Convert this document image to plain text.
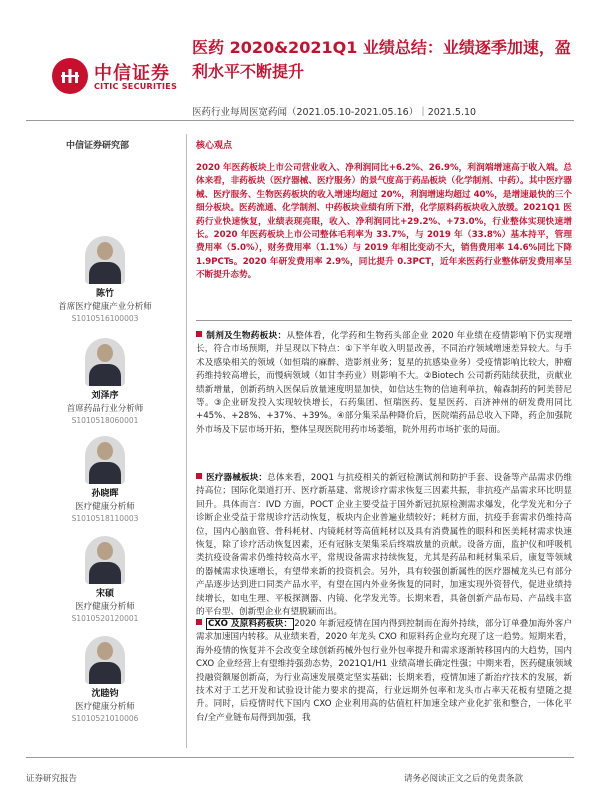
中信证券
CITIC SECURITIES
医药 2020&2021Q1 业绩总结：业绩逐季加速，盈利水平不断提升
医药行业每周医宽药闻（2021.05.10-2021.05.16）｜2021.5.10
中信证券研究部
陈竹
首席医疗健康产业分析师
S1010516100003
刘泽序
首席药品行业分析师
S1010518060001
孙晓晖
医疗健康分析师
S1010518110003
宋硕
医疗健康分析师
S1010520120001
沈睦钧
医疗健康分析师
S1010521010006
核心观点
2020 年医药板块上市公司营业收入、净利润同比+6.2%、26.9%，利润端增速高于收入端。总体来看，非药板块（医疗器械、医疗服务）的景气度高于药品板块（化学制剂、中药）。其中医疗器械、医疗服务、生物医药板块的收入增速均超过 20%，利润增速均超过 40%，是增速最快的三个细分板块。医药流通、化学制剂、中药板块业绩有所下滑，化学原料药板块收入放缓。2021Q1 医药行业快速恢复，业绩表现亮眼，收入、净利润同比+29.2%、+73.0%，行业整体实现快速增长。2020 年医药板块上市公司整体毛利率为 33.7%，与 2019 年（33.8%）基本持平，管理费用率（5.0%），财务费用率（1.1%）与 2019 年相比变动不大，销售费用率 14.6%同比下降 1.9PCTs。2020 年研发费用率 2.9%，同比提升 0.3PCT，近年来医药行业整体研发费用率呈不断提升态势。
制剂及生物药板块：从整体看，化学药和生物药头部企业 2020 年业绩在疫情影响下仍实现增长，符合市场预期，并呈现以下特点：①下半年收入明显改善，不同治疗领域增速差异较大。与手术及感染相关的领域（如恒瑞的麻醉、造影剂业务；复星的抗感染业务）受疫情影响比较大，肿瘤药维持较高增长，而慢病领域（如甘李药业）则影响不大。②Biotech 公司新药陆续获批，贡献业绩新增量，创新药纳入医保后放量速度明显加快，如信达生物的信迪利单抗，翰森制药的阿美替尼等。③企业研发投入实现较快增长，石药集团、恒瑞医药、复星医药、百济神州的研发费用同比+45%、+28%、+37%、+39%。④部分集采品种降价后，医院端药品总收入下降，药企加强院外市场及下层市场开拓，整体呈现医院用药市场萎缩，院外用药市场扩张的局面。
医疗器械板块：总体来看，20Q1 与抗疫相关的新冠检测试剂和防护手套、设备等产品需求仍维持高位；国际化渠道打开、医疗新基建、常规诊疗需求恢复三因素共振，非抗疫产品需求环比明显回升。具体而言：IVD 方面，POCT 企业主要受益于国外新冠抗原检测需求爆发，化学发光和分子诊断企业受益于常规诊疗活动恢复，板块内企业普遍业绩较好；耗材方面，抗疫手套需求仍维持高位，国内心脑血管、骨科耗材、内镜耗材等高值耗材以及具有消费属性的眼科和医美耗材需求快速恢复，除了诊疗活动恢复因素，还有冠脉支架集采后终端放量的贡献。设备方面，监护仪和呼吸机类抗疫设备需求仍维持较高水平，常规设备需求持续恢复，尤其是药品和耗材集采后，康复等领域的器械需求快速增长，有望带来新的投资机会。另外，具有较强创新属性的医疗器械龙头已有部分产品逐步达到进口同类产品水平，有望在国内外业务恢复的同时，加速实现外资替代，促进业绩持续增长，如电生理、平板探测器、内镜、化学发光等。长期来看，具备创新产品布局、产品线丰富的平台型、创新型企业有望脱颖而出。
CXO 及原料药板块： 2020 年新冠疫情在国内得到控制而在海外持续，部分订单叠加海外客户需求加速国内转移。从业绩来看，2020 年龙头 CXO 和原料药企业均充现了这一趋势。短期来看，海外疫情的恢复并不会改变全球创新药械外包行业外包率提升和需求逐渐转移国内的大趋势，国内 CXO 企业经营上有望维持强劲态势，2021Q1/H1 业绩高增长确定性强；中期来看，医药健康领域投融资额屡创新高，为行业高速发展奠定坚实基础；长期来看，疫情加速了新治疗技术的发展，新技术对于工艺开发和试验设计能力要求的提高，行业远期外包率和龙头市占率天花板有望随之提升。同时，后疫情时代下国内 CXO 企业利用高的估值杠杆加速全球产业化扩张和整合，一体化平台/全产业链布局得到加强，我
证券研究报告	请务必阅读正文之后的免责条款
